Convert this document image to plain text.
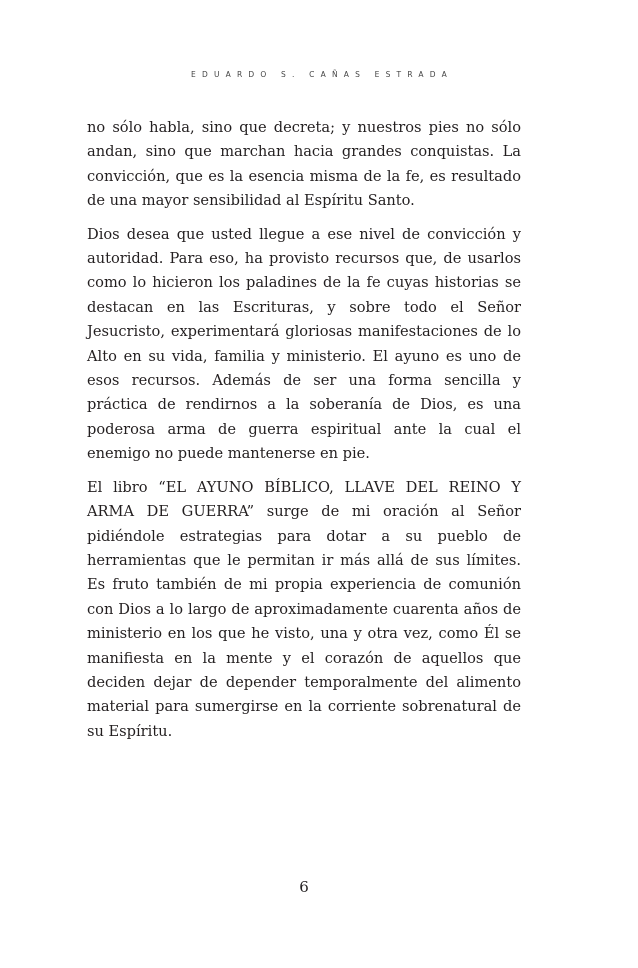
EDUARDO S. CAÑAS ESTRADA

no sólo habla, sino que decreta; y nuestros pies no sólo andan, sino que marchan hacia grandes conquistas. La convicción, que es la esencia misma de la fe, es resultado de una mayor sensibilidad al Espíritu Santo.

Dios desea que usted llegue a ese nivel de convicción y autoridad. Para eso, ha provisto recursos que, de usarlos como lo hicieron los paladines de la fe cuyas historias se destacan en las Escrituras, y sobre todo el Señor Jesucristo, experimentará gloriosas manifestaciones de lo Alto en su vida, familia y ministerio. El ayuno es uno de esos recursos. Además de ser una forma sencilla y práctica de rendirnos a la soberanía de Dios, es una poderosa arma de guerra espiritual ante la cual el enemigo no puede mantenerse en pie.

El libro “EL AYUNO BÍBLICO, LLAVE DEL REINO Y ARMA DE GUERRA” surge de mi oración al Señor pidiéndole estrategias para dotar a su pueblo de herramientas que le permitan ir más allá de sus límites. Es fruto también de mi propia experiencia de comunión con Dios a lo largo de aproximadamente cuarenta años de ministerio en los que he visto, una y otra vez, como Él se manifiesta en la mente y el corazón de aquellos que deciden dejar de depender temporalmente del alimento material para sumergirse en la corriente sobrenatural de su Espíritu.

6
